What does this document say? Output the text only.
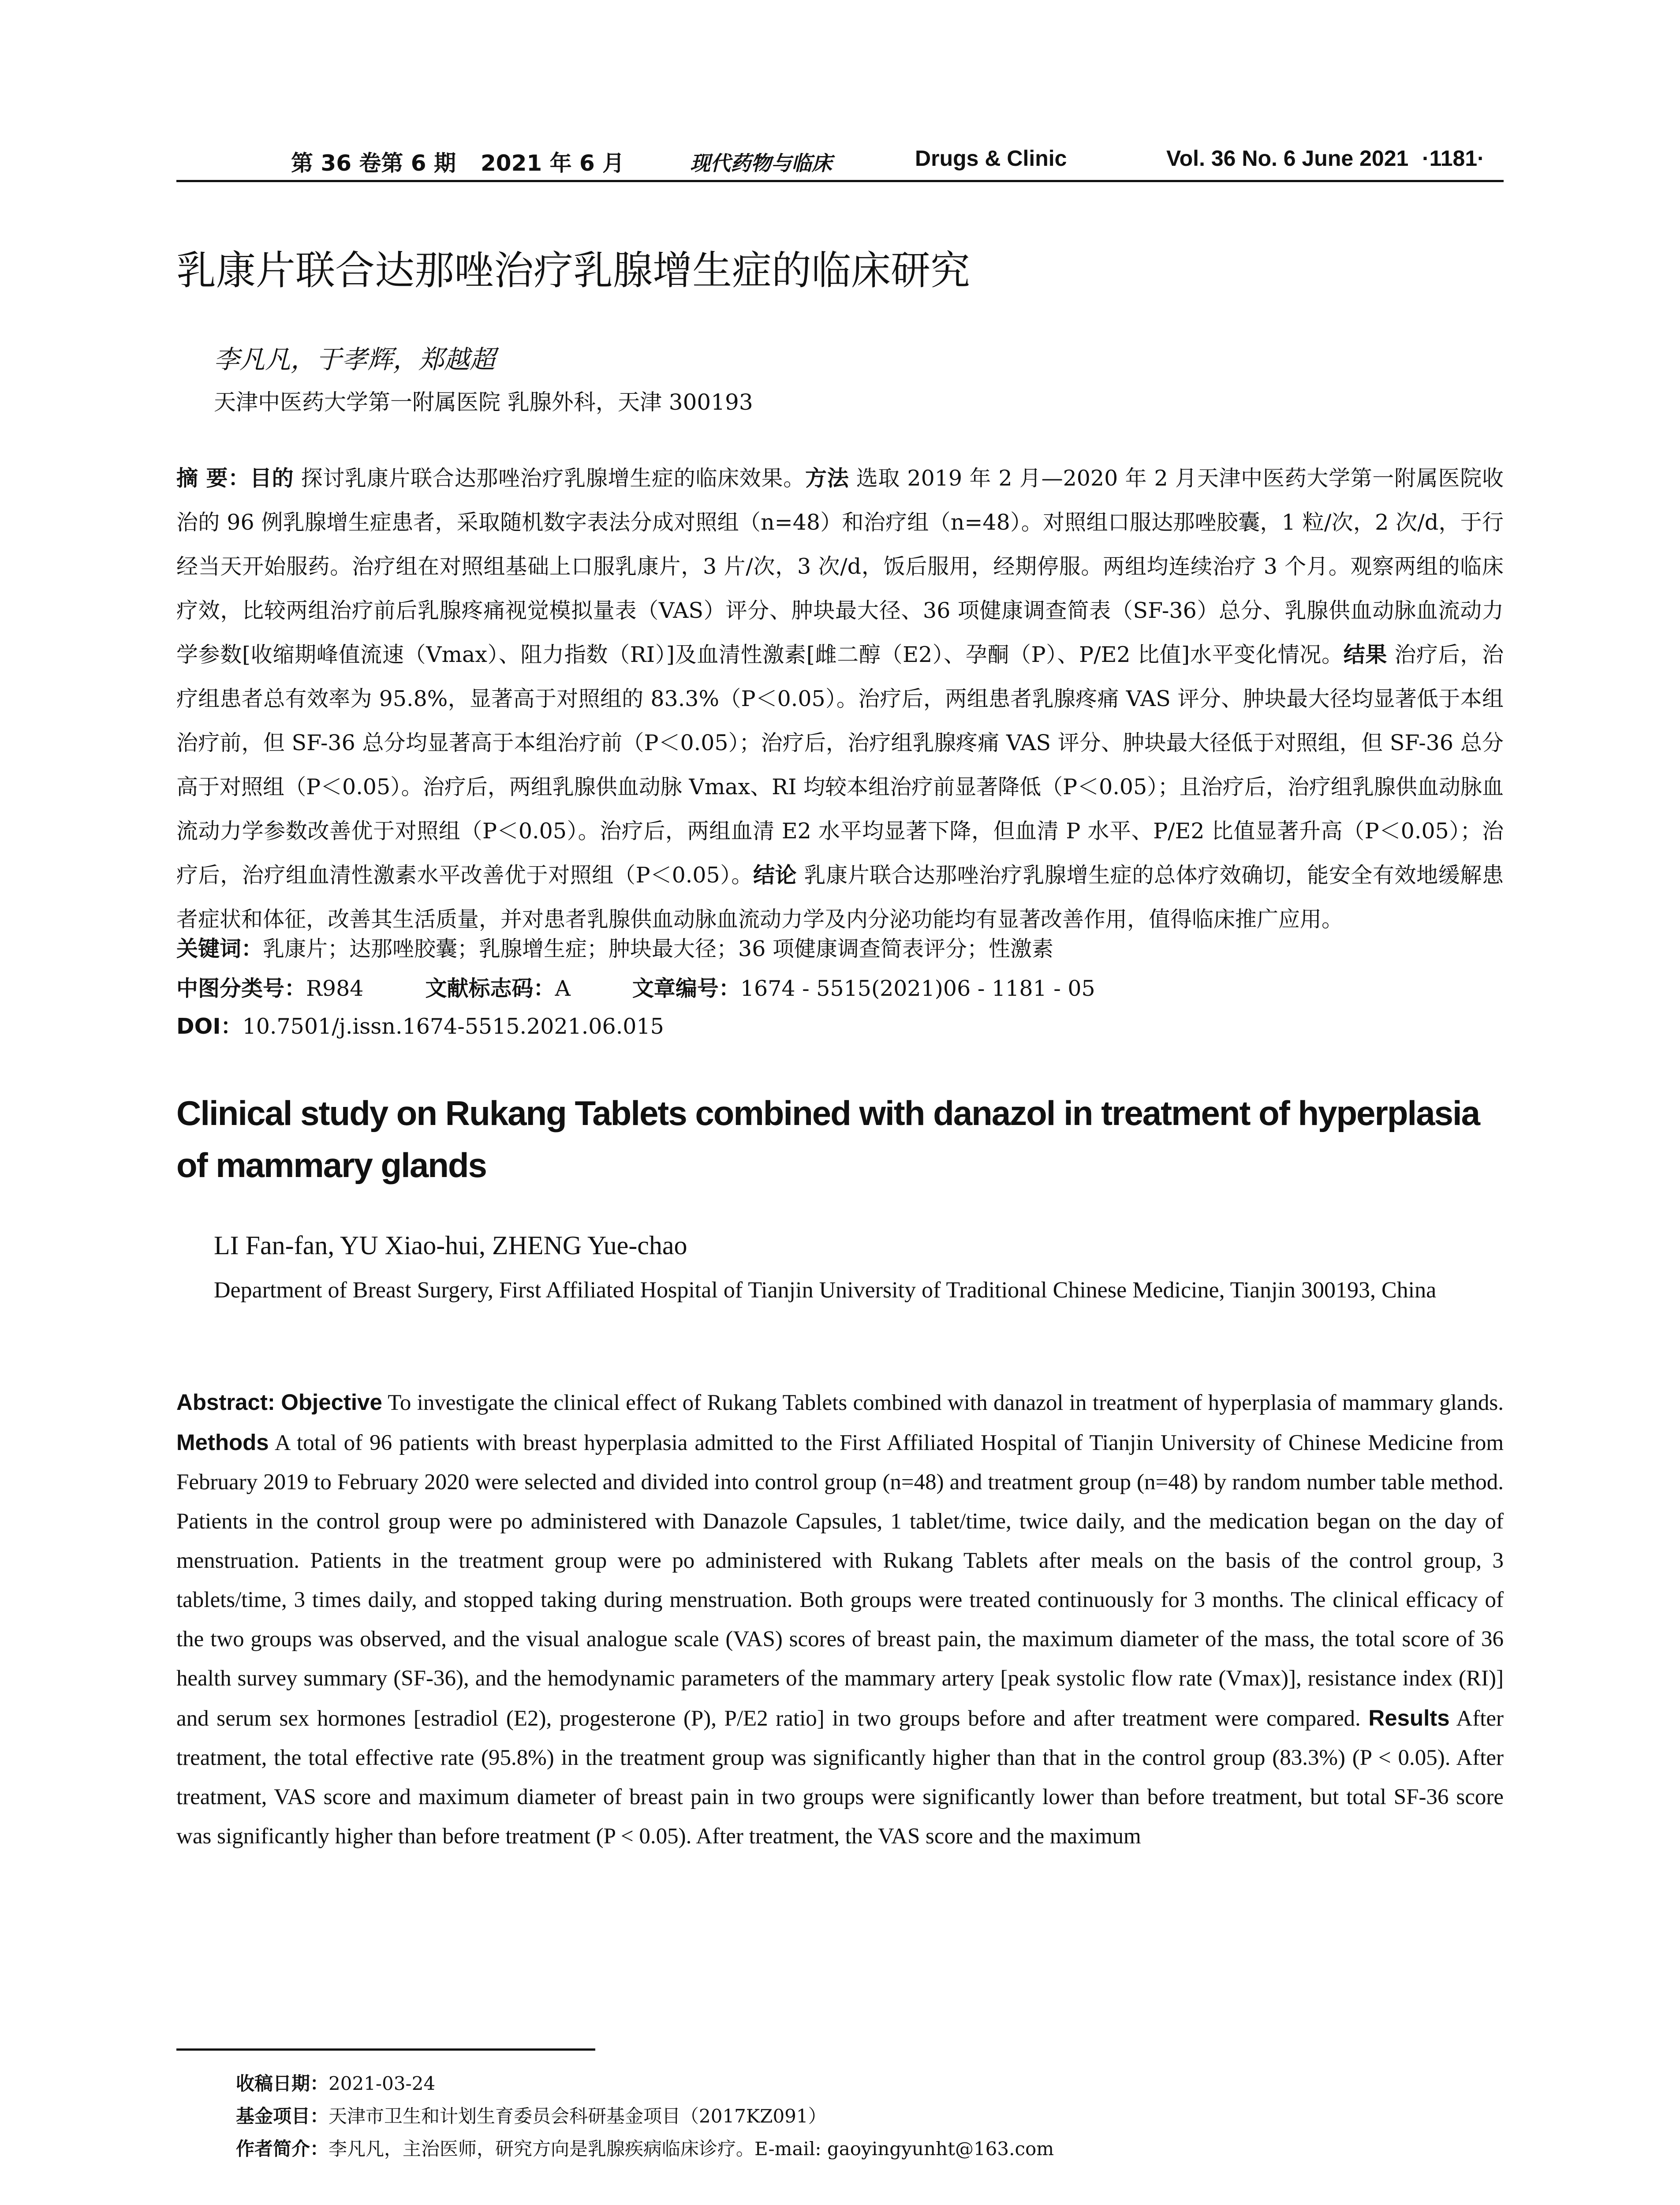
第 36 卷第 6 期 2021 年 6 月	现代药物与临床	Drugs & Clinic	Vol. 36 No. 6 June 2021 ·1181·
乳康片联合达那唑治疗乳腺增生症的临床研究
李凡凡，于孝辉，郑越超
天津中医药大学第一附属医院 乳腺外科，天津 300193
摘 要：目的 探讨乳康片联合达那唑治疗乳腺增生症的临床效果。方法 选取 2019 年 2 月—2020 年 2 月天津中医药大学第一附属医院收治的 96 例乳腺增生症患者，采取随机数字表法分成对照组（n=48）和治疗组（n=48）。对照组口服达那唑胶囊，1 粒/次，2 次/d，于行经当天开始服药。治疗组在对照组基础上口服乳康片，3 片/次，3 次/d，饭后服用，经期停服。两组均连续治疗 3 个月。观察两组的临床疗效，比较两组治疗前后乳腺疼痛视觉模拟量表（VAS）评分、肿块最大径、36 项健康调查简表（SF-36）总分、乳腺供血动脉血流动力学参数[收缩期峰值流速（Vmax）、阻力指数（RI）]及血清性激素[雌二醇（E2）、孕酮（P）、P/E2 比值]水平变化情况。结果 治疗后，治疗组患者总有效率为 95.8%，显著高于对照组的 83.3%（P＜0.05）。治疗后，两组患者乳腺疼痛 VAS 评分、肿块最大径均显著低于本组治疗前，但 SF-36 总分均显著高于本组治疗前（P＜0.05）；治疗后，治疗组乳腺疼痛 VAS 评分、肿块最大径低于对照组，但 SF-36 总分高于对照组（P＜0.05）。治疗后，两组乳腺供血动脉 Vmax、RI 均较本组治疗前显著降低（P＜0.05）；且治疗后，治疗组乳腺供血动脉血流动力学参数改善优于对照组（P＜0.05）。治疗后，两组血清 E2 水平均显著下降，但血清 P 水平、P/E2 比值显著升高（P＜0.05）；治疗后，治疗组血清性激素水平改善优于对照组（P＜0.05）。结论 乳康片联合达那唑治疗乳腺增生症的总体疗效确切，能安全有效地缓解患者症状和体征，改善其生活质量，并对患者乳腺供血动脉血流动力学及内分泌功能均有显著改善作用，值得临床推广应用。
关键词：乳康片；达那唑胶囊；乳腺增生症；肿块最大径；36 项健康调查简表评分；性激素
中图分类号：R984	文献标志码：A	文章编号：1674 - 5515(2021)06 - 1181 - 05
DOI：10.7501/j.issn.1674-5515.2021.06.015
Clinical study on Rukang Tablets combined with danazol in treatment of hyperplasia of mammary glands
LI Fan-fan, YU Xiao-hui, ZHENG Yue-chao
Department of Breast Surgery, First Affiliated Hospital of Tianjin University of Traditional Chinese Medicine, Tianjin 300193, China
Abstract: Objective To investigate the clinical effect of Rukang Tablets combined with danazol in treatment of hyperplasia of mammary glands. Methods A total of 96 patients with breast hyperplasia admitted to the First Affiliated Hospital of Tianjin University of Chinese Medicine from February 2019 to February 2020 were selected and divided into control group (n=48) and treatment group (n=48) by random number table method. Patients in the control group were po administered with Danazole Capsules, 1 tablet/time, twice daily, and the medication began on the day of menstruation. Patients in the treatment group were po administered with Rukang Tablets after meals on the basis of the control group, 3 tablets/time, 3 times daily, and stopped taking during menstruation. Both groups were treated continuously for 3 months. The clinical efficacy of the two groups was observed, and the visual analogue scale (VAS) scores of breast pain, the maximum diameter of the mass, the total score of 36 health survey summary (SF-36), and the hemodynamic parameters of the mammary artery [peak systolic flow rate (Vmax)], resistance index (RI)] and serum sex hormones [estradiol (E2), progesterone (P), P/E2 ratio] in two groups before and after treatment were compared. Results After treatment, the total effective rate (95.8%) in the treatment group was significantly higher than that in the control group (83.3%) (P < 0.05). After treatment, VAS score and maximum diameter of breast pain in two groups were significantly lower than before treatment, but total SF-36 score was significantly higher than before treatment (P < 0.05). After treatment, the VAS score and the maximum
收稿日期：2021-03-24
基金项目：天津市卫生和计划生育委员会科研基金项目（2017KZ091）
作者简介：李凡凡，主治医师，研究方向是乳腺疾病临床诊疗。E-mail: gaoyingyunht@163.com
